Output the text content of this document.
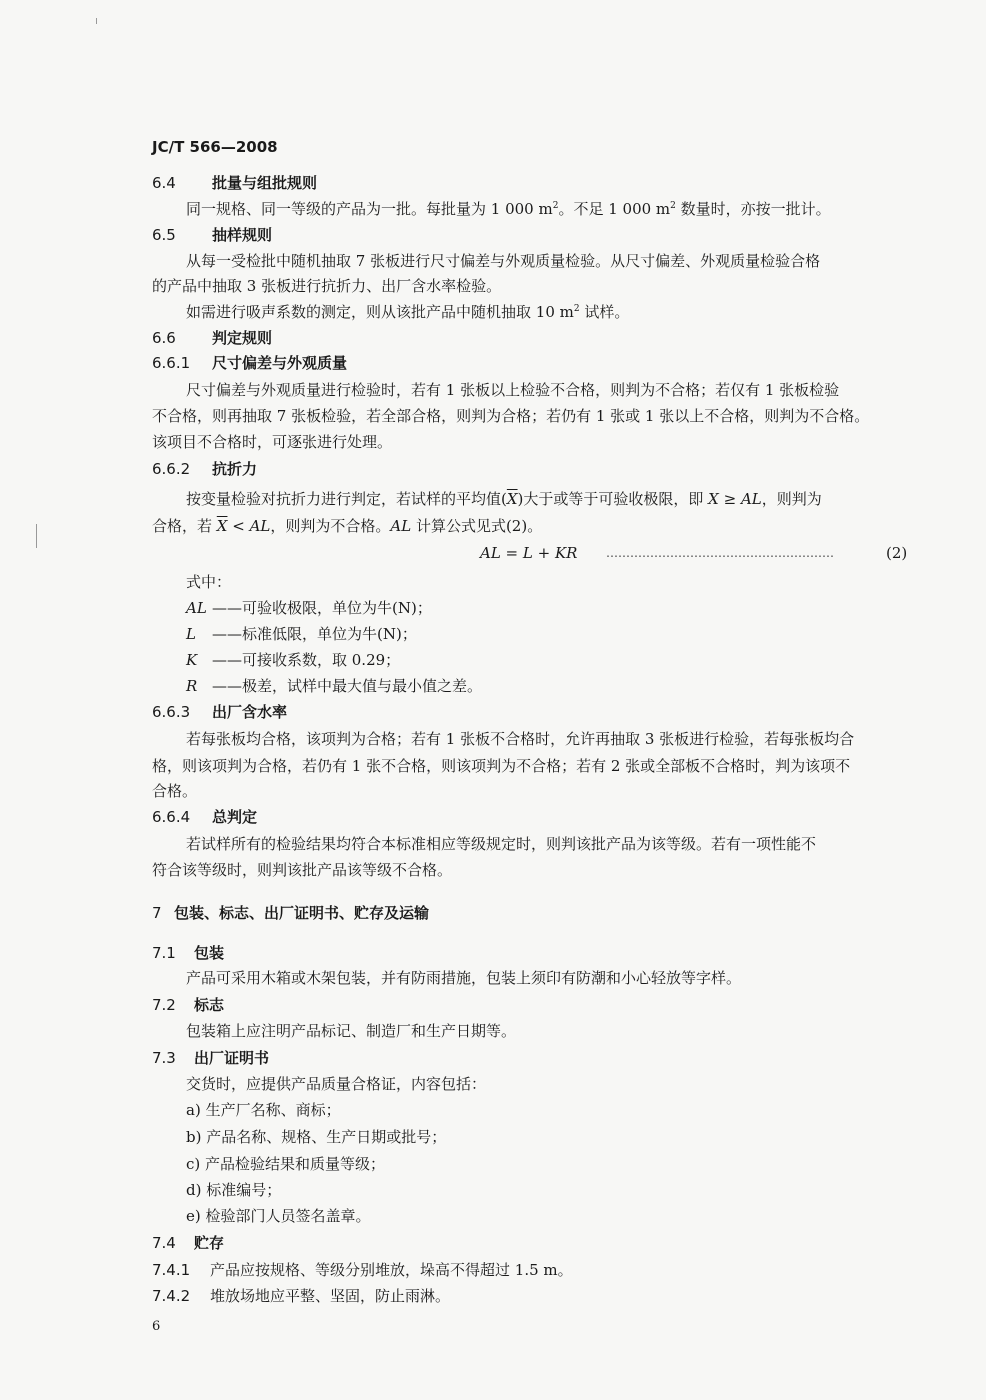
JC/T 566—2008
6.4 批量与组批规则
同一规格、同一等级的产品为一批。每批量为 1 000 $m^2$。不足 1 000 $m^2$ 数量时，亦按一批计。
6.5 抽样规则
从每一受检批中随机抽取 7 张板进行尺寸偏差与外观质量检验。从尺寸偏差、外观质量检验合格
的产品中抽取 3 张板进行抗折力、出厂含水率检验。
如需进行吸声系数的测定，则从该批产品中随机抽取 10 $m^2$ 试样。
6.6 判定规则
6.6.1 尺寸偏差与外观质量
尺寸偏差与外观质量进行检验时，若有 1 张板以上检验不合格，则判为不合格；若仅有 1 张板检验
不合格，则再抽取 7 张板检验，若全部合格，则判为合格；若仍有 1 张或 1 张以上不合格，则判为不合格。
该项目不合格时，可逐张进行处理。
6.6.2 抗折力
按变量检验对抗折力进行判定，若试样的平均值$(\overline{X})$大于或等于可验收极限，即 X ≥ AL，则判为
合格，若 $\overline{X}$ < AL，则判为不合格。AL 计算公式见式(2)。
AL = L + KR …………………………………………………	(2)
式中：
AL ——可验收极限，单位为牛(N)；
L ——标准低限，单位为牛(N)；
K ——可接收系数，取 0.29；
R ——极差，试样中最大值与最小值之差。
6.6.3 出厂含水率
若每张板均合格，该项判为合格；若有 1 张板不合格时，允许再抽取 3 张板进行检验，若每张板均合
格，则该项判为合格，若仍有 1 张不合格，则该项判为不合格；若有 2 张或全部板不合格时，判为该项不
合格。
6.6.4 总判定
若试样所有的检验结果均符合本标准相应等级规定时，则判该批产品为该等级。若有一项性能不
符合该等级时，则判该批产品该等级不合格。
7 包装、标志、出厂证明书、贮存及运输
7.1 包装
产品可采用木箱或木架包装，并有防雨措施，包装上须印有防潮和小心轻放等字样。
7.2 标志
包装箱上应注明产品标记、制造厂和生产日期等。
7.3 出厂证明书
交货时，应提供产品质量合格证，内容包括：
a) 生产厂名称、商标；
b) 产品名称、规格、生产日期或批号；
c) 产品检验结果和质量等级；
d) 标准编号；
e) 检验部门人员签名盖章。
7.4 贮存
7.4.1 产品应按规格、等级分别堆放，垛高不得超过 1.5 m。
7.4.2 堆放场地应平整、坚固，防止雨淋。
6
